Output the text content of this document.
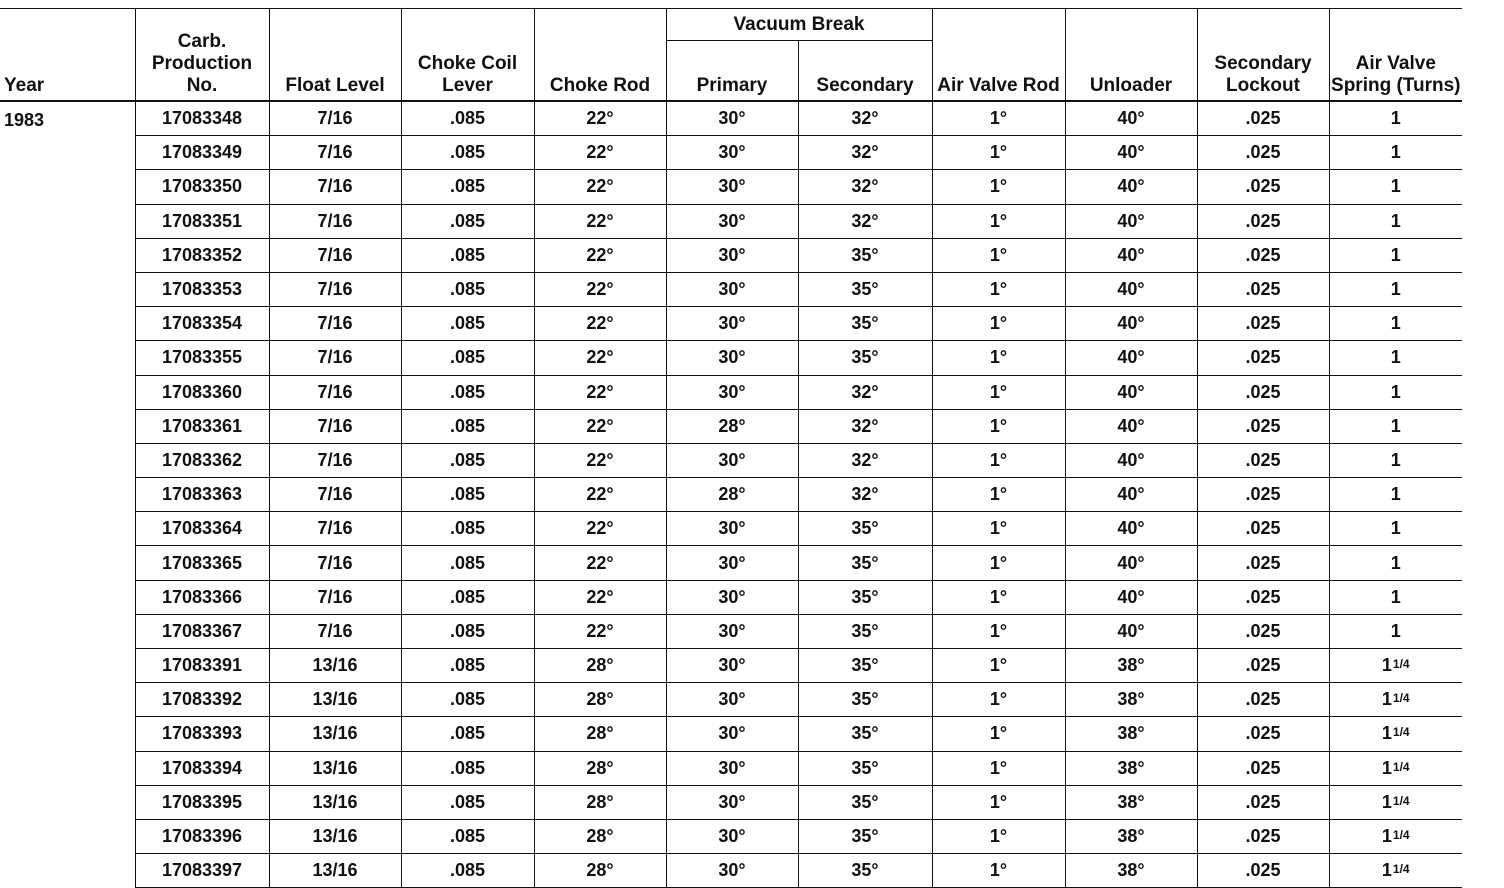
Year	Carb. Production No.	Float Level	Choke Coil Lever	Choke Rod	Vacuum Break		Air Valve Rod	Unloader	Secondary Lockout	Air Valve Spring (Turns)
					Primary	Secondary				
1983	17083348	7/16	.085	22°	30°	32°	1°	40°	.025	1
	17083349	7/16	.085	22°	30°	32°	1°	40°	.025	1
	17083350	7/16	.085	22°	30°	32°	1°	40°	.025	1
	17083351	7/16	.085	22°	30°	32°	1°	40°	.025	1
	17083352	7/16	.085	22°	30°	35°	1°	40°	.025	1
	17083353	7/16	.085	22°	30°	35°	1°	40°	.025	1
	17083354	7/16	.085	22°	30°	35°	1°	40°	.025	1
	17083355	7/16	.085	22°	30°	35°	1°	40°	.025	1
	17083360	7/16	.085	22°	30°	32°	1°	40°	.025	1
	17083361	7/16	.085	22°	28°	32°	1°	40°	.025	1
	17083362	7/16	.085	22°	30°	32°	1°	40°	.025	1
	17083363	7/16	.085	22°	28°	32°	1°	40°	.025	1
	17083364	7/16	.085	22°	30°	35°	1°	40°	.025	1
	17083365	7/16	.085	22°	30°	35°	1°	40°	.025	1
	17083366	7/16	.085	22°	30°	35°	1°	40°	.025	1
	17083367	7/16	.085	22°	30°	35°	1°	40°	.025	1
	17083391	13/16	.085	28°	30°	35°	1°	38°	.025	$1^{1/4}$
	17083392	13/16	.085	28°	30°	35°	1°	38°	.025	$1^{1/4}$
	17083393	13/16	.085	28°	30°	35°	1°	38°	.025	$1^{1/4}$
	17083394	13/16	.085	28°	30°	35°	1°	38°	.025	$1^{1/4}$
	17083395	13/16	.085	28°	30°	35°	1°	38°	.025	$1^{1/4}$
	17083396	13/16	.085	28°	30°	35°	1°	38°	.025	$1^{1/4}$
	17083397	13/16	.085	28°	30°	35°	1°	38°	.025	$1^{1/4}$
